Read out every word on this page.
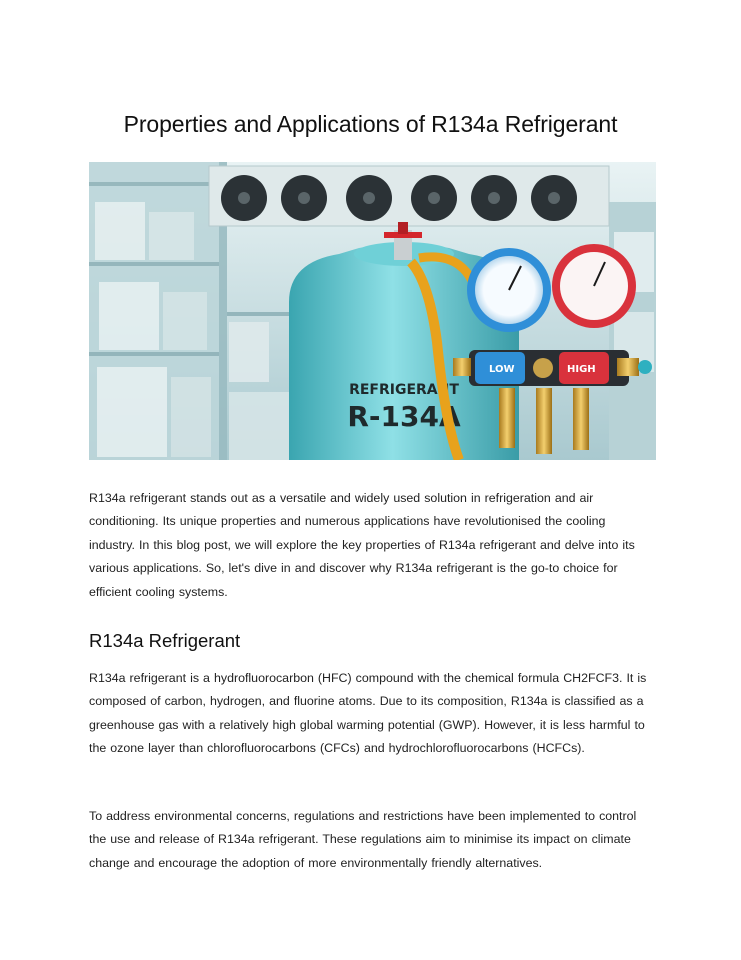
Properties and Applications of R134a Refrigerant
REFRIGERANT
R-134A
LOW	HIGH

R134a refrigerant stands out as a versatile and widely used solution in refrigeration and air conditioning. Its unique properties and numerous applications have revolutionised the cooling industry. In this blog post, we will explore the key properties of R134a refrigerant and delve into its various applications. So, let's dive in and discover why R134a refrigerant is the go-to choice for efficient cooling systems.

R134a Refrigerant

R134a refrigerant is a hydrofluorocarbon (HFC) compound with the chemical formula CH2FCF3. It is composed of carbon, hydrogen, and fluorine atoms. Due to its composition, R134a is classified as a greenhouse gas with a relatively high global warming potential (GWP). However, it is less harmful to the ozone layer than chlorofluorocarbons (CFCs) and hydrochlorofluorocarbons (HCFCs).

To address environmental concerns, regulations and restrictions have been implemented to control the use and release of R134a refrigerant. These regulations aim to minimise its impact on climate change and encourage the adoption of more environmentally friendly alternatives.
